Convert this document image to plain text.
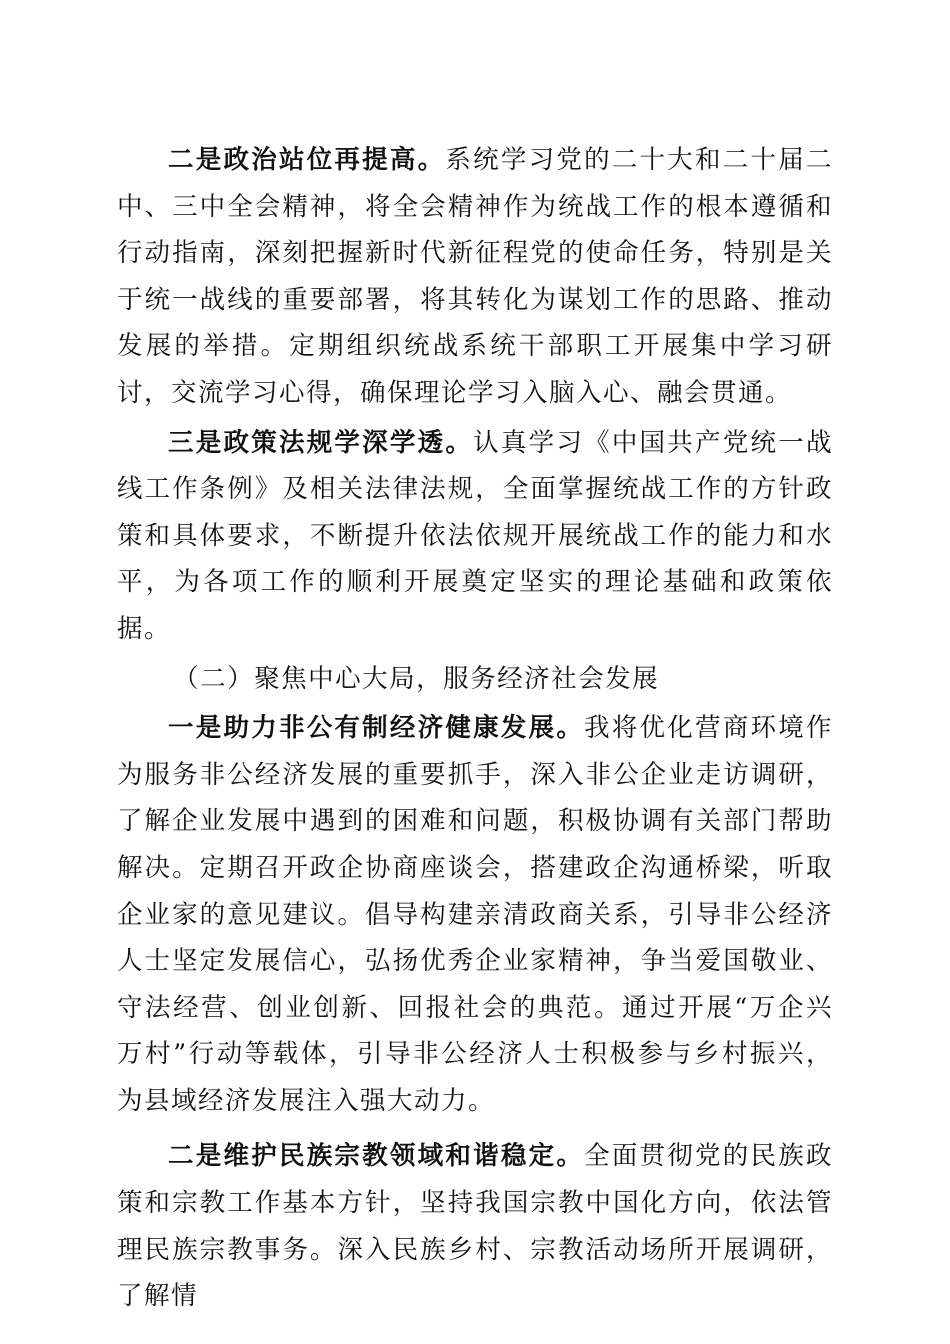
二是政治站位再提高。系统学习党的二十大和二十届二中、三中全会精神，将全会精神作为统战工作的根本遵循和行动指南，深刻把握新时代新征程党的使命任务，特别是关于统一战线的重要部署，将其转化为谋划工作的思路、推动发展的举措。定期组织统战系统干部职工开展集中学习研讨，交流学习心得，确保理论学习入脑入心、融会贯通。

三是政策法规学深学透。认真学习《中国共产党统一战线工作条例》及相关法律法规，全面掌握统战工作的方针政策和具体要求，不断提升依法依规开展统战工作的能力和水平，为各项工作的顺利开展奠定坚实的理论基础和政策依据。

（二）聚焦中心大局，服务经济社会发展

一是助力非公有制经济健康发展。我将优化营商环境作为服务非公经济发展的重要抓手，深入非公企业走访调研，了解企业发展中遇到的困难和问题，积极协调有关部门帮助解决。定期召开政企协商座谈会，搭建政企沟通桥梁，听取企业家的意见建议。倡导构建亲清政商关系，引导非公经济人士坚定发展信心，弘扬优秀企业家精神，争当爱国敬业、守法经营、创业创新、回报社会的典范。通过开展“万企兴万村”行动等载体，引导非公经济人士积极参与乡村振兴，为县域经济发展注入强大动力。

二是维护民族宗教领域和谐稳定。全面贯彻党的民族政策和宗教工作基本方针，坚持我国宗教中国化方向，依法管理民族宗教事务。深入民族乡村、宗教活动场所开展调研，了解情
